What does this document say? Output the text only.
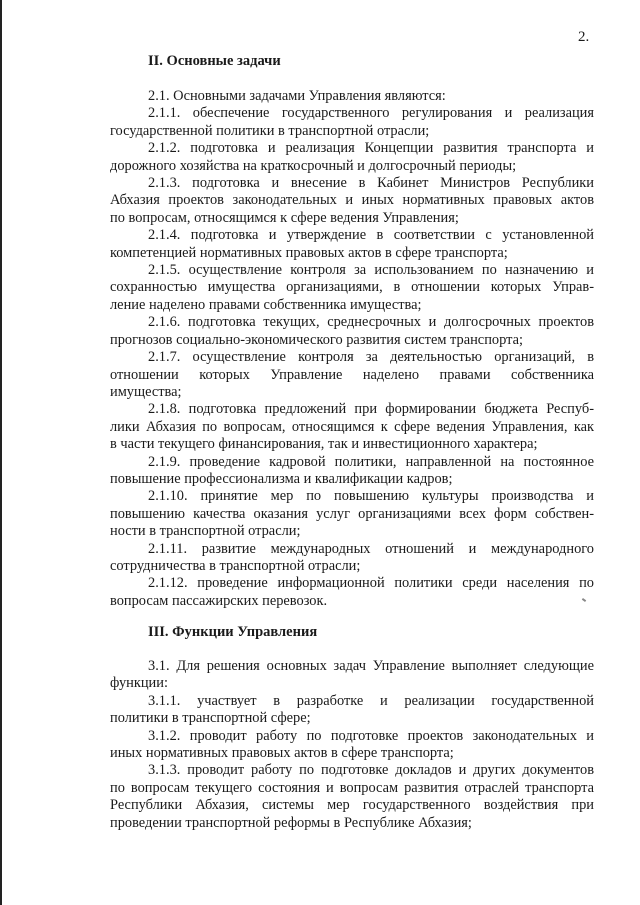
2.
II. Основные задачи
2.1. Основными задачами Управления являются:
2.1.1. обеспечение государственного регулирования и реализация
государственной политики в транспортной отрасли;
2.1.2. подготовка и реализация Концепции развития транспорта и
дорожного хозяйства на краткосрочный и долгосрочный периоды;
2.1.3. подготовка и внесение в Кабинет Министров Республики
Абхазия проектов законодательных и иных нормативных правовых актов
по вопросам, относящимся к сфере ведения Управления;
2.1.4. подготовка и утверждение в соответствии с установленной
компетенцией нормативных правовых актов в сфере транспорта;
2.1.5. осуществление контроля за использованием по назначению и
сохранностью имущества организациями, в отношении которых Управ-
ление наделено правами собственника имущества;
2.1.6. подготовка текущих, среднесрочных и долгосрочных проектов
прогнозов социально-экономического развития систем транспорта;
2.1.7. осуществление контроля за деятельностью организаций, в
отношении которых Управление наделено правами собственника
имущества;
2.1.8. подготовка предложений при формировании бюджета Респуб-
лики Абхазия по вопросам, относящимся к сфере ведения Управления, как
в части текущего финансирования, так и инвестиционного характера;
2.1.9. проведение кадровой политики, направленной на постоянное
повышение профессионализма и квалификации кадров;
2.1.10. принятие мер по повышению культуры производства и
повышению качества оказания услуг организациями всех форм собствен-
ности в транспортной отрасли;
2.1.11. развитие международных отношений и международного
сотрудничества в транспортной отрасли;
2.1.12. проведение информационной политики среди населения по
вопросам пассажирских перевозок.
III. Функции Управления
3.1. Для решения основных задач Управление выполняет следующие
функции:
3.1.1. участвует в разработке и реализации государственной
политики в транспортной сфере;
3.1.2. проводит работу по подготовке проектов законодательных и
иных нормативных правовых актов в сфере транспорта;
3.1.3. проводит работу по подготовке докладов и других документов
по вопросам текущего состояния и вопросам развития отраслей транспорта
Республики Абхазия, системы мер государственного воздействия при
проведении транспортной реформы в Республике Абхазия;
